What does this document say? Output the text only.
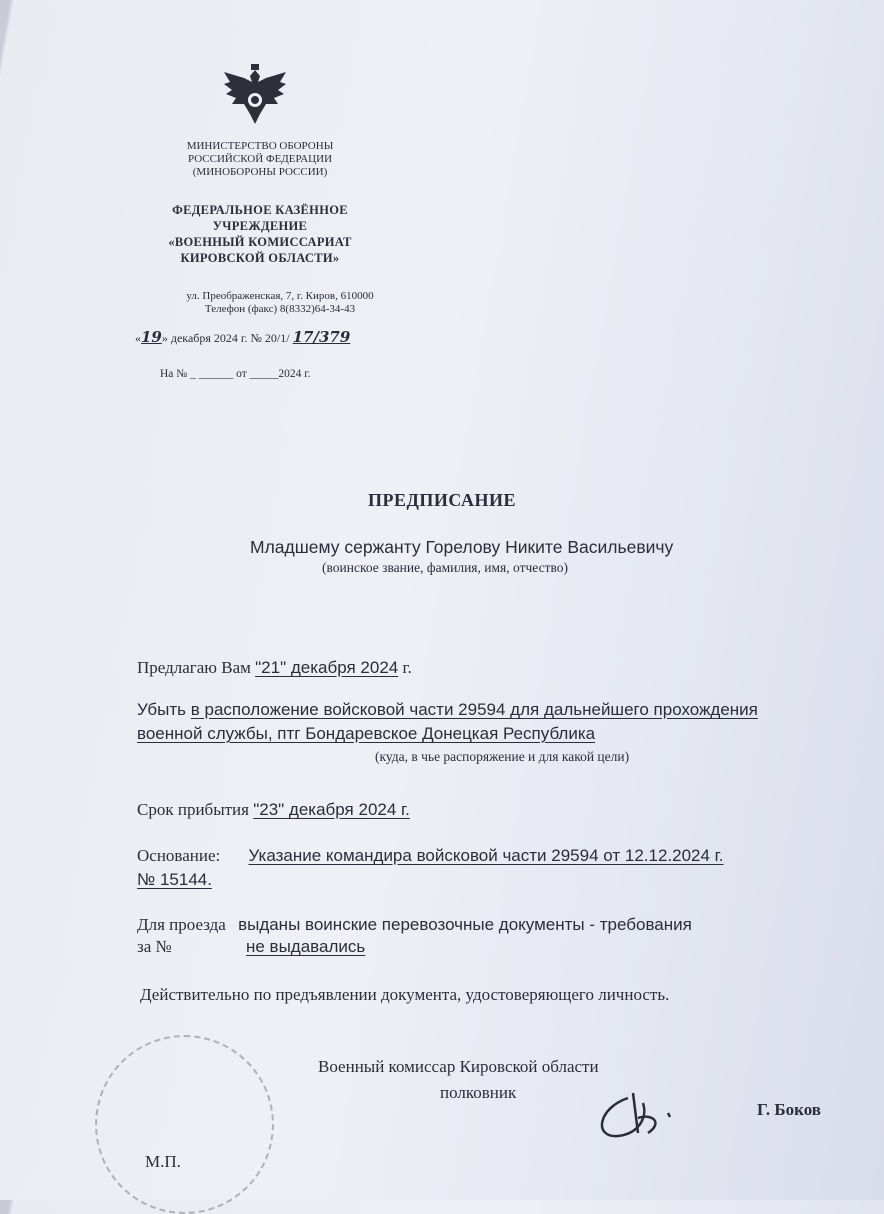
МИНИСТЕРСТВО ОБОРОНЫ
РОССИЙСКОЙ ФЕДЕРАЦИИ
(МИНОБОРОНЫ РОССИИ)
ФЕДЕРАЛЬНОЕ КАЗЁННОЕ
УЧРЕЖДЕНИЕ
«ВОЕННЫЙ КОМИССАРИАТ
КИРОВСКОЙ ОБЛАСТИ»
ул. Преображенская, 7, г. Киров, 610000
Телефон (факс) 8(8332)64-34-43
«19» декабря 2024 г. № 20/1/ 17/379
На № _ ______ от _____2024 г.
ПРЕДПИСАНИЕ
Младшему сержанту Горелову Никите Васильевичу
(воинское звание, фамилия, имя, отчество)
Предлагаю Вам "21" декабря 2024 г.
Убыть в расположение войсковой части 29594 для дальнейшего прохождения
военной службы, птг Бондаревское Донецкая Республика
(куда, в чье распоряжение и для какой цели)
Срок прибытия "23" декабря 2024 г.
Основание: Указание командира войсковой части 29594 от 12.12.2024 г.
№ 15144.
Для проезда выданы воинские перевозочные документы - требования
за №	не выдавались
Действительно по предъявлении документа, удостоверяющего личность.
М.П.
Военный комиссар Кировской области
полковник
Г. Боков
